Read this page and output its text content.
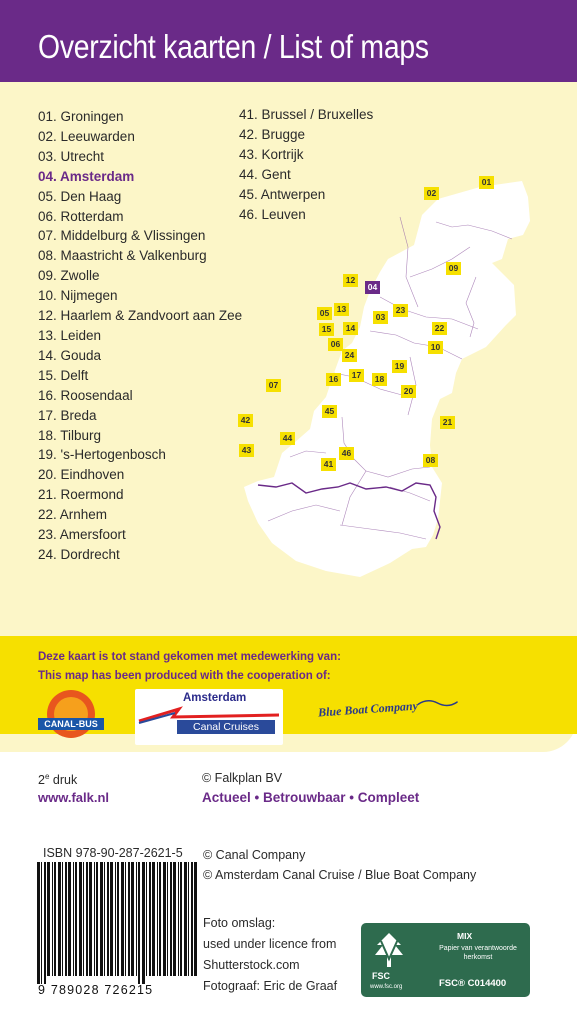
Overzicht kaarten / List of maps
01. Groningen
02. Leeuwarden
03. Utrecht
04. Amsterdam
05. Den Haag
06. Rotterdam
07. Middelburg & Vlissingen
08. Maastricht & Valkenburg
09. Zwolle
10. Nijmegen
12. Haarlem & Zandvoort aan Zee
13. Leiden
14. Gouda
15. Delft
16. Roosendaal
17. Breda
18. Tilburg
19. 's-Hertogenbosch
20. Eindhoven
21. Roermond
22. Arnhem
23. Amersfoort
24. Dordrecht
41. Brussel / Bruxelles
42. Brugge
43. Kortrijk
44. Gent
45. Antwerpen
46. Leuven
01
02
03
04
05
06
07
08
09
10
12
13
14
15
16	17	18
19
20
21
22
23
24
41
42
43
44
45
46
Deze kaart is tot stand gekomen met medewerking van:
This map has been produced with the cooperation of:
CANAL-BUS
Amsterdam
Canal Cruises
Blue Boat Company
2e druk
www.falk.nl
© Falkplan BV
Actueel • Betrouwbaar • Compleet
ISBN 978-90-287-2621-5
9 789028 726215
© Canal Company
© Amsterdam Canal Cruise / Blue Boat Company
Foto omslag:
used under licence from
Shutterstock.com
Fotograaf: Eric de Graaf
FSC
www.fsc.org
MIX
Papier van verantwoorde herkomst
FSC® C014400
